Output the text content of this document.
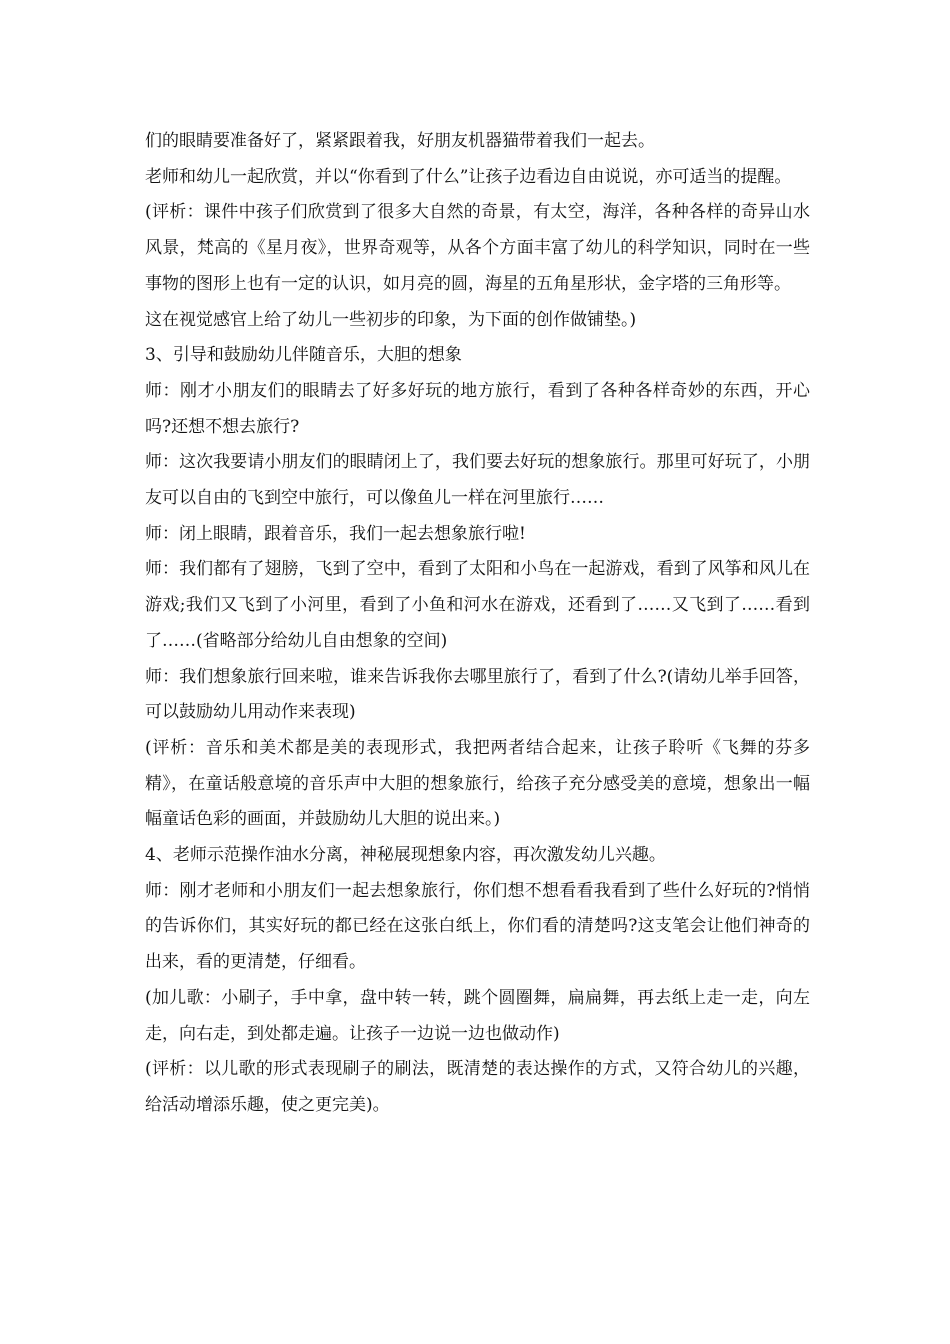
们的眼睛要准备好了，紧紧跟着我，好朋友机器猫带着我们一起去。

老师和幼儿一起欣赏，并以“你看到了什么”让孩子边看边自由说说，亦可适当的提醒。

(评析：课件中孩子们欣赏到了很多大自然的奇景，有太空，海洋，各种各样的奇异山水风景，梵高的《星月夜》，世界奇观等，从各个方面丰富了幼儿的科学知识，同时在一些事物的图形上也有一定的认识，如月亮的圆，海星的五角星形状，金字塔的三角形等。

这在视觉感官上给了幼儿一些初步的印象，为下面的创作做铺垫。)

3、引导和鼓励幼儿伴随音乐，大胆的想象

师：刚才小朋友们的眼睛去了好多好玩的地方旅行，看到了各种各样奇妙的东西，开心吗?还想不想去旅行?

师：这次我要请小朋友们的眼睛闭上了，我们要去好玩的想象旅行。那里可好玩了，小朋友可以自由的飞到空中旅行，可以像鱼儿一样在河里旅行……

师：闭上眼睛，跟着音乐，我们一起去想象旅行啦!

师：我们都有了翅膀，飞到了空中，看到了太阳和小鸟在一起游戏，看到了风筝和风儿在游戏;我们又飞到了小河里，看到了小鱼和河水在游戏，还看到了……又飞到了……看到了……(省略部分给幼儿自由想象的空间)

师：我们想象旅行回来啦，谁来告诉我你去哪里旅行了，看到了什么?(请幼儿举手回答，可以鼓励幼儿用动作来表现)

(评析：音乐和美术都是美的表现形式，我把两者结合起来，让孩子聆听《飞舞的芬多精》，在童话般意境的音乐声中大胆的想象旅行，给孩子充分感受美的意境，想象出一幅幅童话色彩的画面，并鼓励幼儿大胆的说出来。)

4、老师示范操作油水分离，神秘展现想象内容，再次激发幼儿兴趣。

师：刚才老师和小朋友们一起去想象旅行，你们想不想看看我看到了些什么好玩的?悄悄的告诉你们，其实好玩的都已经在这张白纸上，你们看的清楚吗?这支笔会让他们神奇的出来，看的更清楚，仔细看。

(加儿歌：小刷子，手中拿，盘中转一转，跳个圆圈舞，扁扁舞，再去纸上走一走，向左走，向右走，到处都走遍。让孩子一边说一边也做动作)

(评析：以儿歌的形式表现刷子的刷法，既清楚的表达操作的方式，又符合幼儿的兴趣，给活动增添乐趣，使之更完美)。
